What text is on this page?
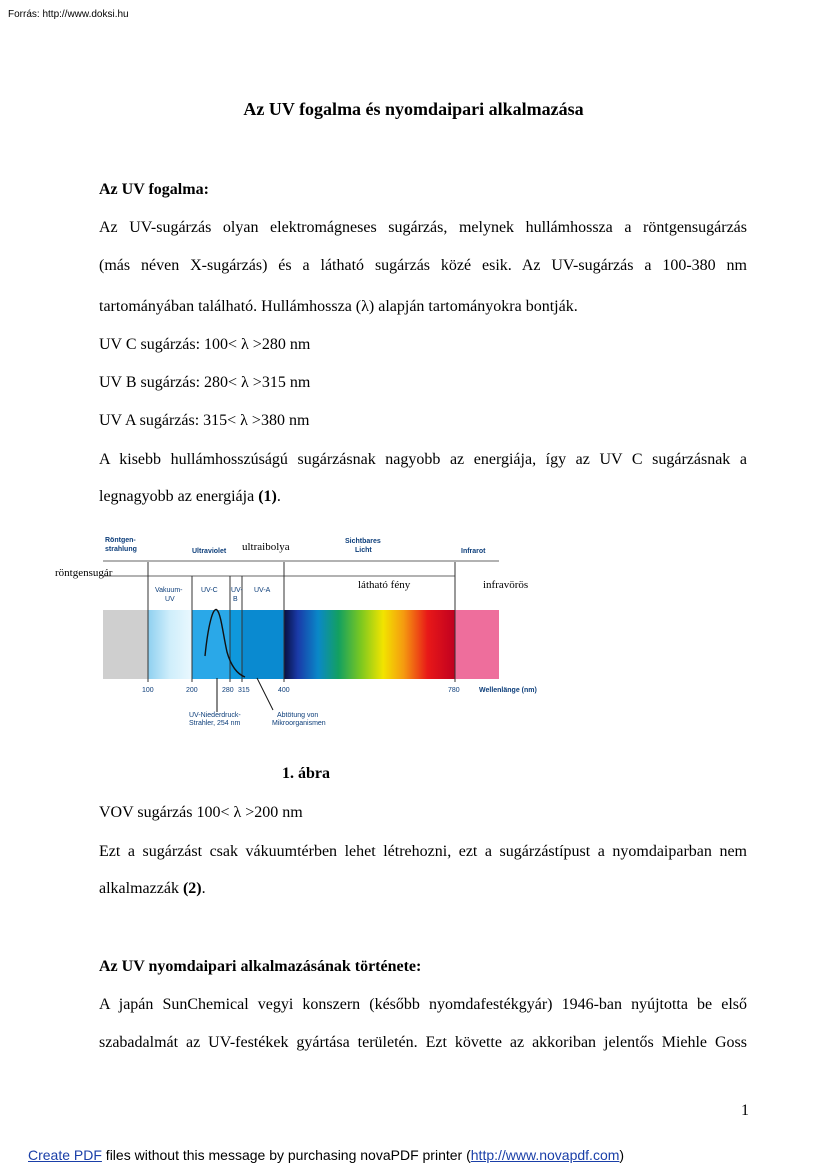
Forrás: http://www.doksi.hu
Az UV fogalma és nyomdaipari alkalmazása
Az UV fogalma:
Az UV-sugárzás olyan elektromágneses sugárzás, melynek hullámhossza a röntgensugárzás
(más néven X-sugárzás) és a látható sugárzás közé esik. Az UV-sugárzás a 100-380 nm
tartományában található. Hullámhossza (λ) alapján tartományokra bontják.
UV C sugárzás: 100< λ >280 nm
UV B sugárzás: 280< λ >315 nm
UV A sugárzás: 315< λ >380 nm
A kisebb hullámhosszúságú sugárzásnak nagyobb az energiája, így az UV C sugárzásnak a
legnagyobb az energiája (1).
Röntgen-
strahlung	Ultraviolet
Sichtbares
Licht	Infrarot
Vakuum-
UV
UV-C UV-
B
UV-A
ultraibolya
röntgensugár
látható fény	infravörös
100	200	280 315	400	780	Wellenlänge (nm)
UV-Niederdruck-
Strahler, 254 nm
Abtötung von
Mikroorganismen
1. ábra
VOV sugárzás 100< λ >200 nm
Ezt a sugárzást csak vákuumtérben lehet létrehozni, ezt a sugárzástípust a nyomdaiparban nem
alkalmazzák (2).
Az UV nyomdaipari alkalmazásának története:
A japán SunChemical vegyi konszern (később nyomdafestékgyár) 1946-ban nyújtotta be első
szabadalmát az UV-festékek gyártása területén. Ezt követte az akkoriban jelentős Miehle Goss
1
Create PDF files without this message by purchasing novaPDF printer (http://www.novapdf.com)
